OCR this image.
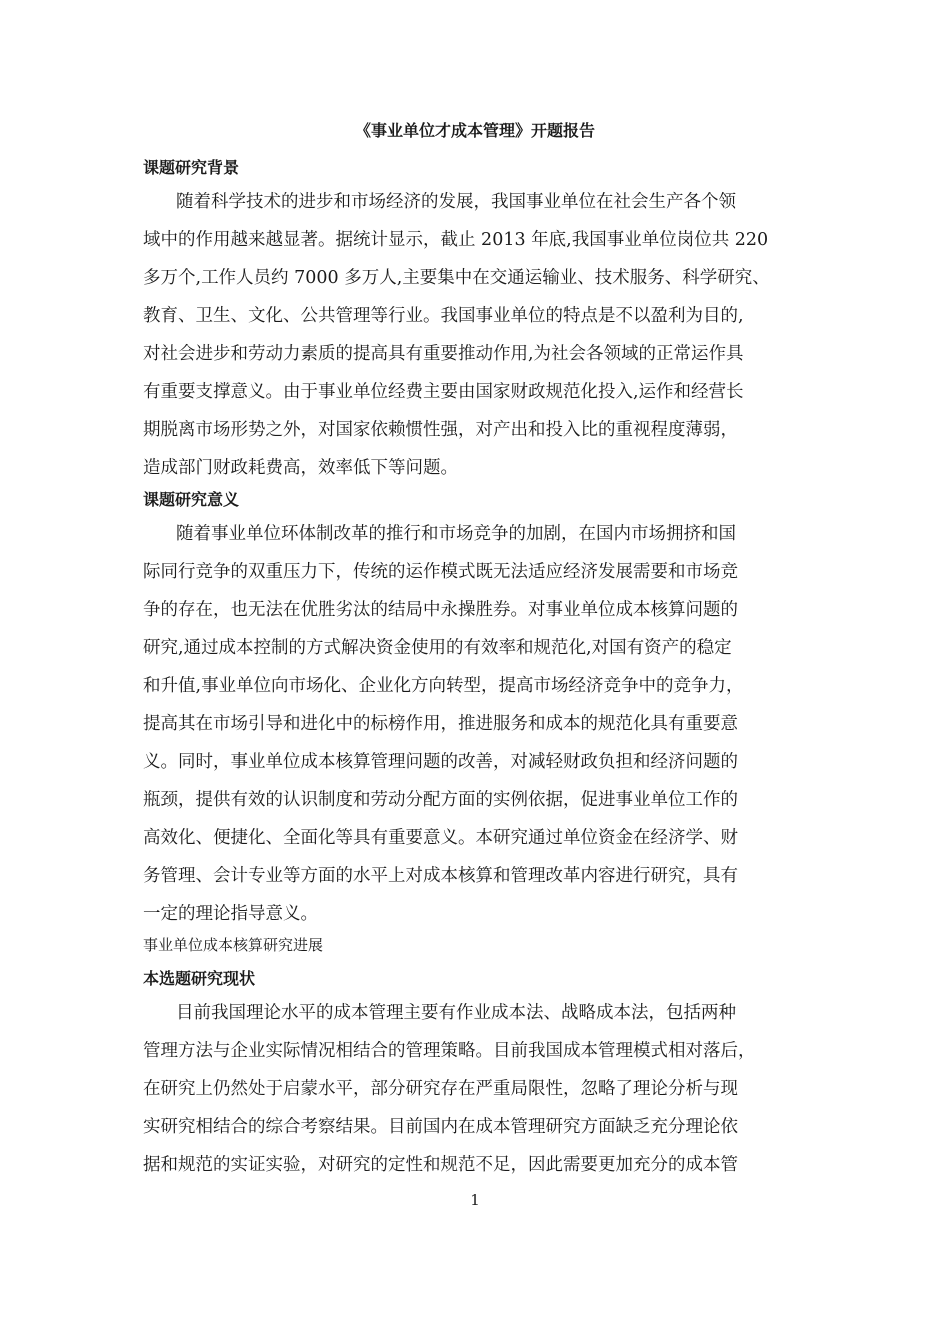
《事业单位才成本管理》开题报告
课题研究背景
随着科学技术的进步和市场经济的发展，我国事业单位在社会生产各个领
域中的作用越来越显著。据统计显示，截止 2013 年底,我国事业单位岗位共 220
多万个,工作人员约 7000 多万人,主要集中在交通运输业、技术服务、科学研究、
教育、卫生、文化、公共管理等行业。我国事业单位的特点是不以盈利为目的,
对社会进步和劳动力素质的提高具有重要推动作用,为社会各领域的正常运作具
有重要支撑意义。由于事业单位经费主要由国家财政规范化投入,运作和经营长
期脱离市场形势之外，对国家依赖惯性强，对产出和投入比的重视程度薄弱，
造成部门财政耗费高，效率低下等问题。
课题研究意义
随着事业单位环体制改革的推行和市场竞争的加剧，在国内市场拥挤和国
际同行竞争的双重压力下，传统的运作模式既无法适应经济发展需要和市场竞
争的存在，也无法在优胜劣汰的结局中永操胜券。对事业单位成本核算问题的
研究,通过成本控制的方式解决资金使用的有效率和规范化,对国有资产的稳定
和升值,事业单位向市场化、企业化方向转型，提高市场经济竞争中的竞争力，
提高其在市场引导和进化中的标榜作用，推进服务和成本的规范化具有重要意
义。同时，事业单位成本核算管理问题的改善，对减轻财政负担和经济问题的
瓶颈，提供有效的认识制度和劳动分配方面的实例依据，促进事业单位工作的
高效化、便捷化、全面化等具有重要意义。本研究通过单位资金在经济学、财
务管理、会计专业等方面的水平上对成本核算和管理改革内容进行研究，具有
一定的理论指导意义。
事业单位成本核算研究进展
本选题研究现状
目前我国理论水平的成本管理主要有作业成本法、战略成本法，包括两种
管理方法与企业实际情况相结合的管理策略。目前我国成本管理模式相对落后，
在研究上仍然处于启蒙水平，部分研究存在严重局限性，忽略了理论分析与现
实研究相结合的综合考察结果。目前国内在成本管理研究方面缺乏充分理论依
据和规范的实证实验，对研究的定性和规范不足，因此需要更加充分的成本管
1
